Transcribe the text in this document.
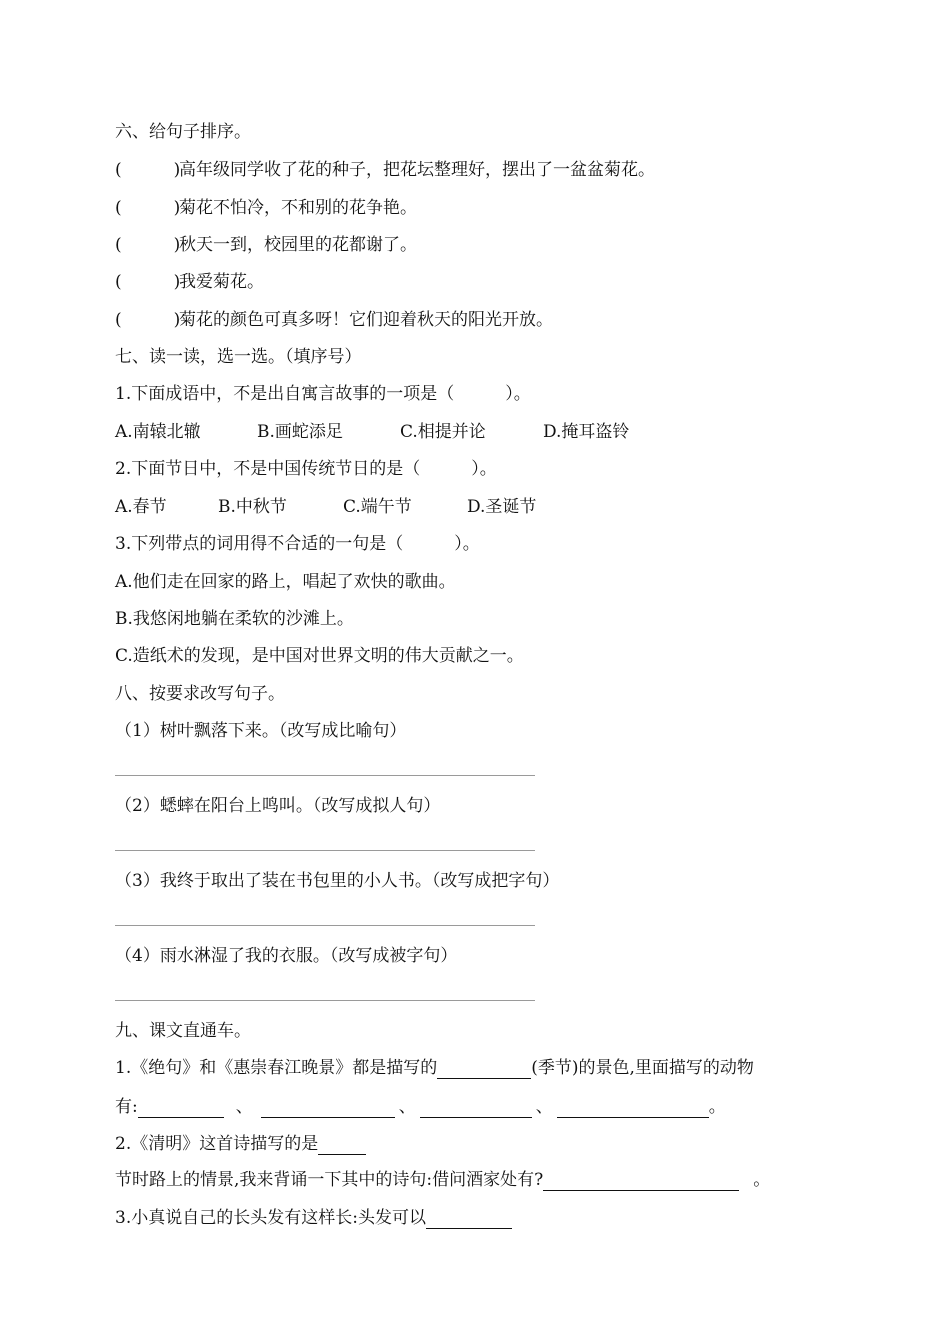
六、给句子排序。
(	)高年级同学收了花的种子，把花坛整理好，摆出了一盆盆菊花。
(	)菊花不怕冷，不和别的花争艳。
(	)秋天一到，校园里的花都谢了。
(	)我爱菊花。
(	)菊花的颜色可真多呀！它们迎着秋天的阳光开放。
七、读一读，选一选。（填序号）
1.下面成语中，不是出自寓言故事的一项是（　　　）。
A.南辕北辙	B.画蛇添足	C.相提并论	D.掩耳盗铃
2.下面节日中，不是中国传统节日的是（　　　）。
A.春节	B.中秋节	C.端午节	D.圣诞节
3.下列带点的词用得不合适的一句是（　　　）。
A.他们走在回家的路上，唱起了欢快的歌曲。
B.我悠闲地躺在柔软的沙滩上。
C.造纸术的发现，是中国对世界文明的伟大贡献之一。
八、按要求改写句子。
（1）树叶飘落下来。（改写成比喻句）
（2）蟋蟀在阳台上鸣叫。（改写成拟人句）
（3）我终于取出了装在书包里的小人书。（改写成把字句）
（4）雨水淋湿了我的衣服。（改写成被字句）
九、课文直通车。
1.《绝句》和《惠崇春江晚景》都是描写的	(季节)的景色,里面描写的动物
有:	、	、	、	。
2.《清明》这首诗描写的是
节时路上的情景,我来背诵一下其中的诗句:借问酒家处有?	。
3.小真说自己的长头发有这样长:头发可以
